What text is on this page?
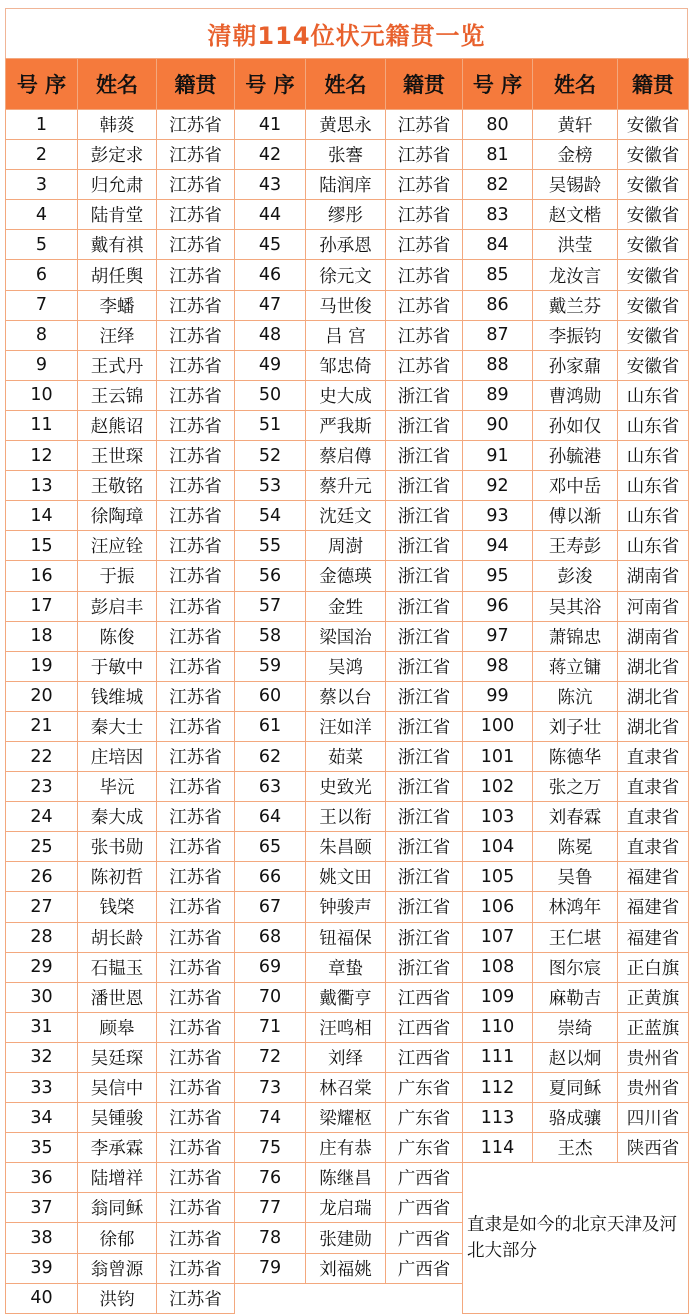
清朝114位状元籍贯一览
号 序	姓名	籍贯	号 序	姓名	籍贯	号 序	姓名	籍贯
1	韩菼	江苏省	41	黄思永	江苏省	80	黄轩	安徽省
2	彭定求	江苏省	42	张謇	江苏省	81	金榜	安徽省
3	归允肃	江苏省	43	陆润庠	江苏省	82	吴锡龄	安徽省
4	陆肯堂	江苏省	44	缪彤	江苏省	83	赵文楷	安徽省
5	戴有祺	江苏省	45	孙承恩	江苏省	84	洪莹	安徽省
6	胡任舆	江苏省	46	徐元文	江苏省	85	龙汝言	安徽省
7	李蟠	江苏省	47	马世俊	江苏省	86	戴兰芬	安徽省
8	汪绎	江苏省	48	吕 宫	江苏省	87	李振钧	安徽省
9	王式丹	江苏省	49	邹忠倚	江苏省	88	孙家鼐	安徽省
10	王云锦	江苏省	50	史大成	浙江省	89	曹鸿勋	山东省
11	赵熊诏	江苏省	51	严我斯	浙江省	90	孙如仅	山东省
12	王世琛	江苏省	52	蔡启僔	浙江省	91	孙毓港	山东省
13	王敬铭	江苏省	53	蔡升元	浙江省	92	邓中岳	山东省
14	徐陶璋	江苏省	54	沈廷文	浙江省	93	傅以渐	山东省
15	汪应铨	江苏省	55	周澍	浙江省	94	王寿彭	山东省
16	于振	江苏省	56	金德瑛	浙江省	95	彭浚	湖南省
17	彭启丰	江苏省	57	金甡	浙江省	96	吴其浴	河南省
18	陈俊	江苏省	58	梁国治	浙江省	97	萧锦忠	湖南省
19	于敏中	江苏省	59	吴鸿	浙江省	98	蒋立镛	湖北省
20	钱维城	江苏省	60	蔡以台	浙江省	99	陈沆	湖北省
21	秦大士	江苏省	61	汪如洋	浙江省	100	刘子壮	湖北省
22	庄培因	江苏省	62	茹菜	浙江省	101	陈德华	直隶省
23	毕沅	江苏省	63	史致光	浙江省	102	张之万	直隶省
24	秦大成	江苏省	64	王以衔	浙江省	103	刘春霖	直隶省
25	张书勋	江苏省	65	朱昌颐	浙江省	104	陈冕	直隶省
26	陈初哲	江苏省	66	姚文田	浙江省	105	吴鲁	福建省
27	钱棨	江苏省	67	钟骏声	浙江省	106	林鸿年	福建省
28	胡长龄	江苏省	68	钮福保	浙江省	107	王仁堪	福建省
29	石韫玉	江苏省	69	章蛰	浙江省	108	图尔宸	正白旗
30	潘世恩	江苏省	70	戴衢亨	江西省	109	麻勒吉	正黄旗
31	顾皋	江苏省	71	汪鸣相	江西省	110	崇绮	正蓝旗
32	吴廷琛	江苏省	72	刘绎	江西省	111	赵以炯	贵州省
33	吴信中	江苏省	73	林召棠	广东省	112	夏同稣	贵州省
34	吴锺骏	江苏省	74	梁耀枢	广东省	113	骆成骧	四川省
35	李承霖	江苏省	75	庄有恭	广东省	114	王杰	陕西省
36	陆增祥	江苏省	76	陈继昌	广西省	直隶是如今的北京天津及河北大部分		
37	翁同稣	江苏省	77	龙启瑞	广西省			
38	徐郁	江苏省	78	张建勋	广西省			
39	翁曾源	江苏省	79	刘福姚	广西省			
40	洪钧	江苏省						
